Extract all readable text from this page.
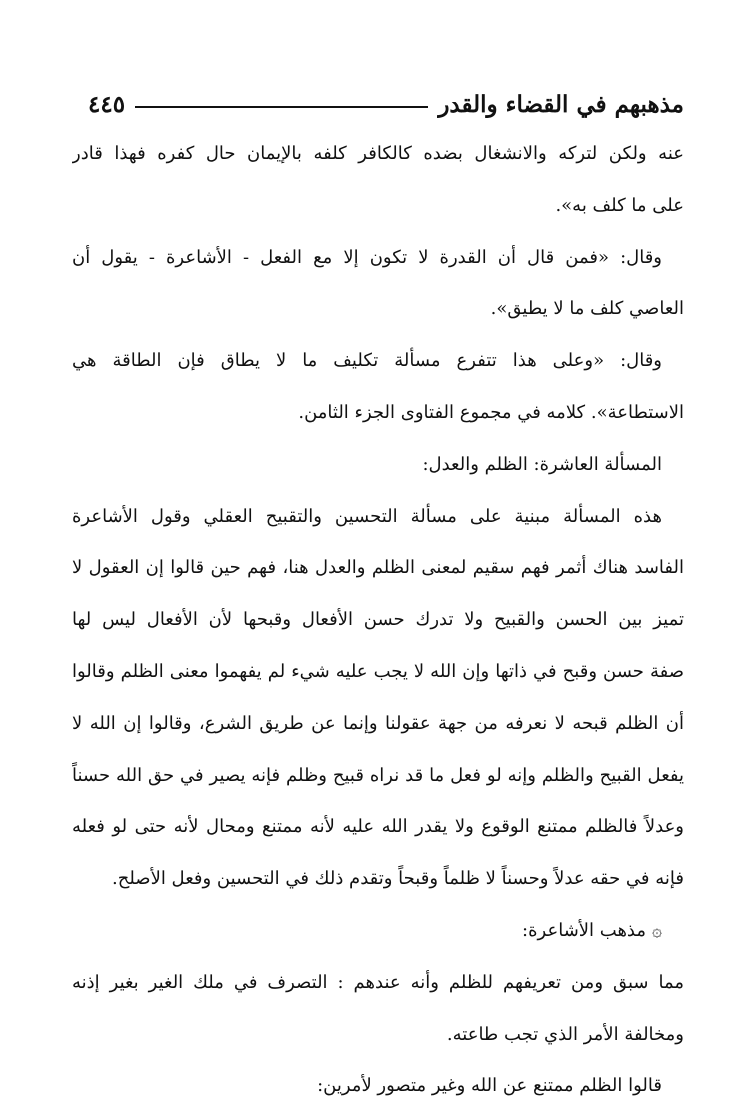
مذهبهم في القضاء والقدر
٤٤٥
عنه ولكن لتركه والانشغال بضده كالكافر كلفه بالإيمان حال كفره فهذا قادر
على ما كلف به».
وقال: «فمن قال أن القدرة لا تكون إلا مع الفعل - الأشاعرة - يقول أن
العاصي كلف ما لا يطيق».
وقال: «وعلى هذا تتفرع مسألة تكليف ما لا يطاق فإن الطاقة هي
الاستطاعة». كلامه في مجموع الفتاوى الجزء الثامن.
المسألة العاشرة: الظلم والعدل:
هذه المسألة مبنية على مسألة التحسين والتقبيح العقلي وقول الأشاعرة
الفاسد هناك أثمر فهم سقيم لمعنى الظلم والعدل هنا، فهم حين قالوا إن العقول لا
تميز بين الحسن والقبيح ولا تدرك حسن الأفعال وقبحها لأن الأفعال ليس لها
صفة حسن وقبح في ذاتها وإن الله لا يجب عليه شيء لم يفهموا معنى الظلم وقالوا
أن الظلم قبحه لا نعرفه من جهة عقولنا وإنما عن طريق الشرع، وقالوا إن الله لا
يفعل القبيح والظلم وإنه لو فعل ما قد نراه قبيح وظلم فإنه يصير في حق الله حسناً
وعدلاً فالظلم ممتنع الوقوع ولا يقدر الله عليه لأنه ممتنع ومحال لأنه حتى لو فعله
فإنه في حقه عدلاً وحسناً لا ظلماً وقبحاً وتقدم ذلك في التحسين وفعل الأصلح.
۞مذهب الأشاعرة:
مما سبق ومن تعريفهم للظلم وأنه عندهم : التصرف في ملك الغير بغير إذنه
ومخالفة الأمر الذي تجب طاعته.
قالوا الظلم ممتنع عن الله وغير متصور لأمرين:
